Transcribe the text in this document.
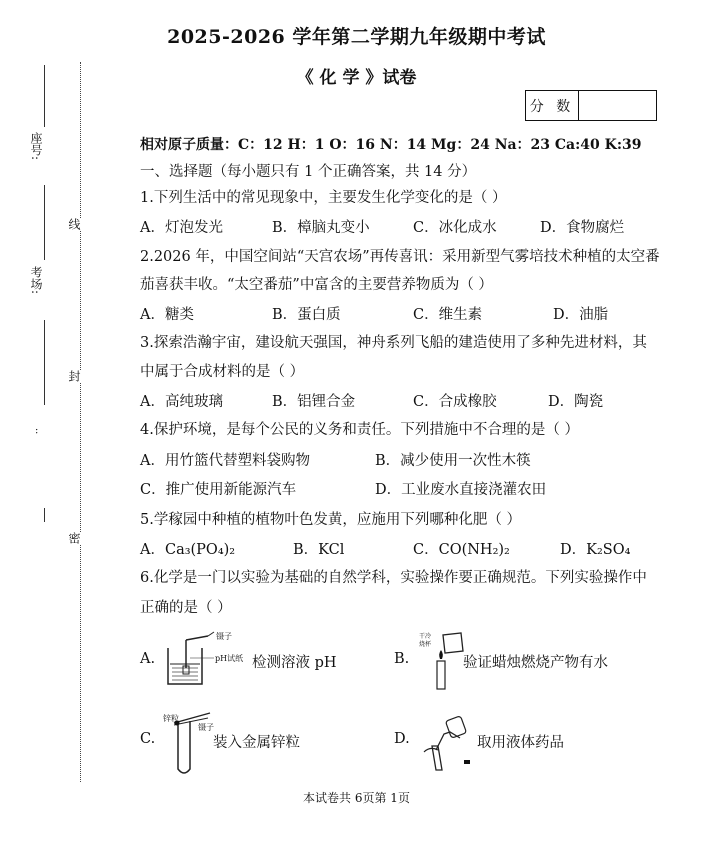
座号:
考场:
··
线
封
密
2025-2026 学年第二学期九年级期中考试
《 化 学 》试卷
分 数
相对原子质量：C：12 H：1 O：16 N：14 Mg：24 Na：23 Ca:40 K:39
一、选择题（每小题只有 1 个正确答案，共 14 分）
1.下列生活中的常见现象中，主要发生化学变化的是（ ）
A．灯泡发光	B．樟脑丸变小	C．冰化成水	D．食物腐烂
2.2026 年，中国空间站“天宫农场”再传喜讯：采用新型气雾培技术种植的太空番
茄喜获丰收。“太空番茄”中富含的主要营养物质为（ ）
A．糖类	B．蛋白质	C．维生素	D．油脂
3.探索浩瀚宇宙，建设航天强国，神舟系列飞船的建造使用了多种先进材料，其
中属于合成材料的是（ ）
A．高纯玻璃	B．铝锂合金	C．合成橡胶	D．陶瓷
4.保护环境，是每个公民的义务和责任。下列措施中不合理的是（ ）
A．用竹篮代替塑料袋购物	B．减少使用一次性木筷
C．推广使用新能源汽车	D．工业废水直接浇灌农田
5.学稼园中种植的植物叶色发黄，应施用下列哪种化肥（ ）
A．Ca₃(PO₄)₂	B．KCl	C．CO(NH₂)₂	D．K₂SO₄
6.化学是一门以实验为基础的自然学科，实验操作要正确规范。下列实验操作中
正确的是（ ）
A.
镊子
pH试纸 检测溶液 pH	B.
干冷烧杯
验证蜡烛燃烧产物有水
C.
锌粒
镊子
装入金属锌粒	D.	取用液体药品
本试卷共 6页第 1页
